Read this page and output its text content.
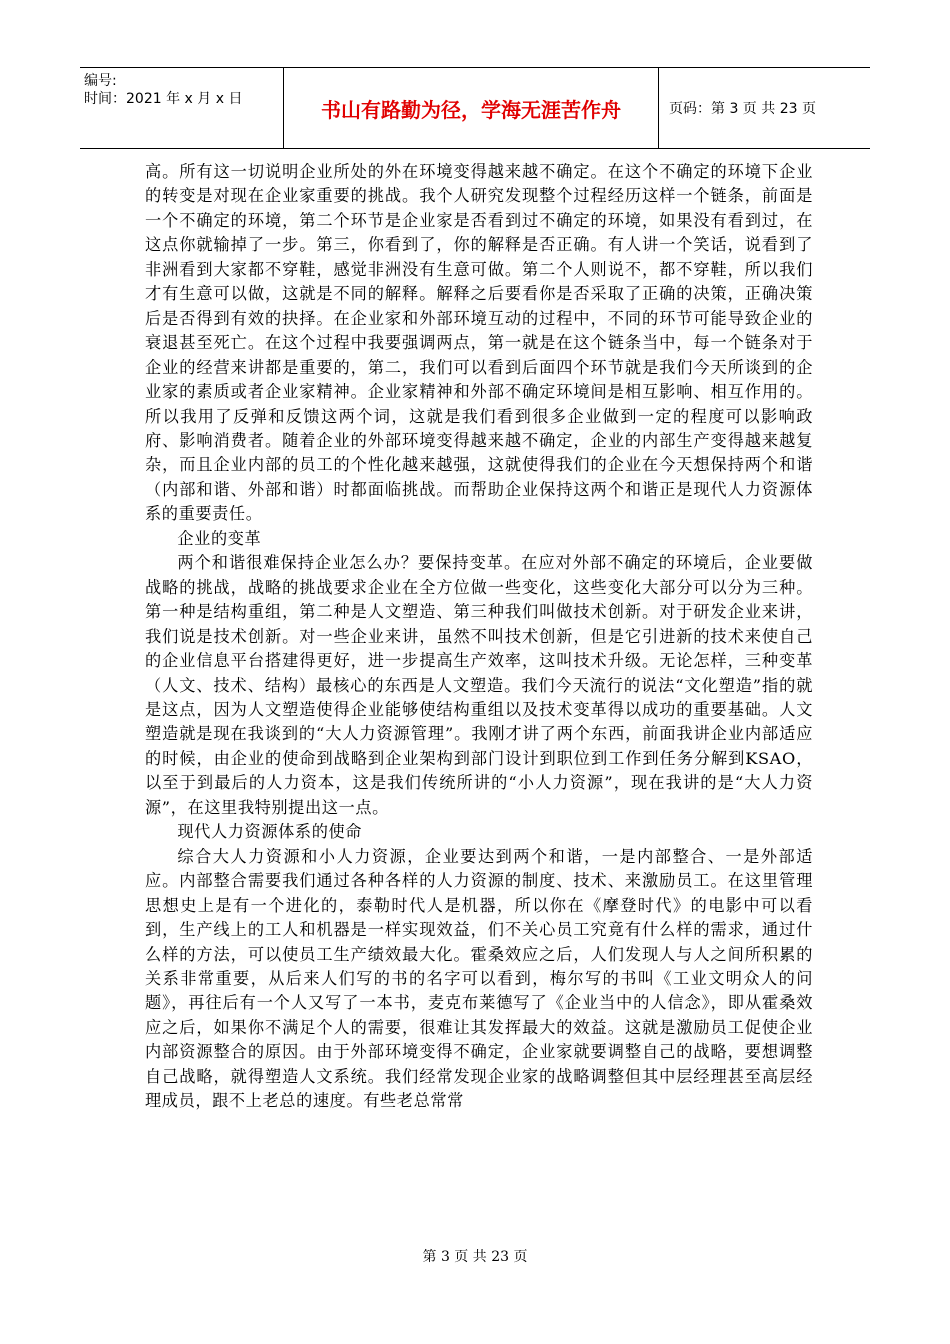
编号:
时间：2021 年 x 月 x 日	书山有路勤为径，学海无涯苦作舟	页码：第 3 页 共 23 页

高。所有这一切说明企业所处的外在环境变得越来越不确定。在这个不确定的环境下企业的转变是对现在企业家重要的挑战。我个人研究发现整个过程经历这样一个链条，前面是一个不确定的环境，第二个环节是企业家是否看到过不确定的环境，如果没有看到过，在这点你就输掉了一步。第三，你看到了，你的解释是否正确。有人讲一个笑话，说看到了非洲看到大家都不穿鞋，感觉非洲没有生意可做。第二个人则说不，都不穿鞋，所以我们才有生意可以做，这就是不同的解释。解释之后要看你是否采取了正确的决策，正确决策后是否得到有效的抉择。在企业家和外部环境互动的过程中，不同的环节可能导致企业的衰退甚至死亡。在这个过程中我要强调两点，第一就是在这个链条当中，每一个链条对于企业的经营来讲都是重要的，第二，我们可以看到后面四个环节就是我们今天所谈到的企业家的素质或者企业家精神。企业家精神和外部不确定环境间是相互影响、相互作用的。所以我用了反弹和反馈这两个词，这就是我们看到很多企业做到一定的程度可以影响政府、影响消费者。随着企业的外部环境变得越来越不确定，企业的内部生产变得越来越复杂，而且企业内部的员工的个性化越来越强，这就使得我们的企业在今天想保持两个和谐（内部和谐、外部和谐）时都面临挑战。而帮助企业保持这两个和谐正是现代人力资源体系的重要责任。

企业的变革

两个和谐很难保持企业怎么办？要保持变革。在应对外部不确定的环境后，企业要做战略的挑战，战略的挑战要求企业在全方位做一些变化，这些变化大部分可以分为三种。第一种是结构重组，第二种是人文塑造、第三种我们叫做技术创新。对于研发企业来讲，我们说是技术创新。对一些企业来讲，虽然不叫技术创新，但是它引进新的技术来使自己的企业信息平台搭建得更好，进一步提高生产效率，这叫技术升级。无论怎样，三种变革（人文、技术、结构）最核心的东西是人文塑造。我们今天流行的说法“文化塑造”指的就是这点，因为人文塑造使得企业能够使结构重组以及技术变革得以成功的重要基础。人文塑造就是现在我谈到的“大人力资源管理”。我刚才讲了两个东西，前面我讲企业内部适应的时候，由企业的使命到战略到企业架构到部门设计到职位到工作到任务分解到KSAO，以至于到最后的人力资本，这是我们传统所讲的“小人力资源”，现在我讲的是“大人力资源”，在这里我特别提出这一点。

现代人力资源体系的使命

综合大人力资源和小人力资源，企业要达到两个和谐，一是内部整合、一是外部适应。内部整合需要我们通过各种各样的人力资源的制度、技术、来激励员工。在这里管理思想史上是有一个进化的，泰勒时代人是机器，所以你在《摩登时代》的电影中可以看到，生产线上的工人和机器是一样实现效益，们不关心员工究竟有什么样的需求，通过什么样的方法，可以使员工生产绩效最大化。霍桑效应之后，人们发现人与人之间所积累的关系非常重要，从后来人们写的书的名字可以看到，梅尔写的书叫《工业文明众人的问题》，再往后有一个人又写了一本书，麦克布莱德写了《企业当中的人信念》，即从霍桑效应之后，如果你不满足个人的需要，很难让其发挥最大的效益。这就是激励员工促使企业内部资源整合的原因。由于外部环境变得不确定，企业家就要调整自己的战略，要想调整自己战略，就得塑造人文系统。我们经常发现企业家的战略调整但其中层经理甚至高层经理成员，跟不上老总的速度。有些老总常常

第 3 页 共 23 页
